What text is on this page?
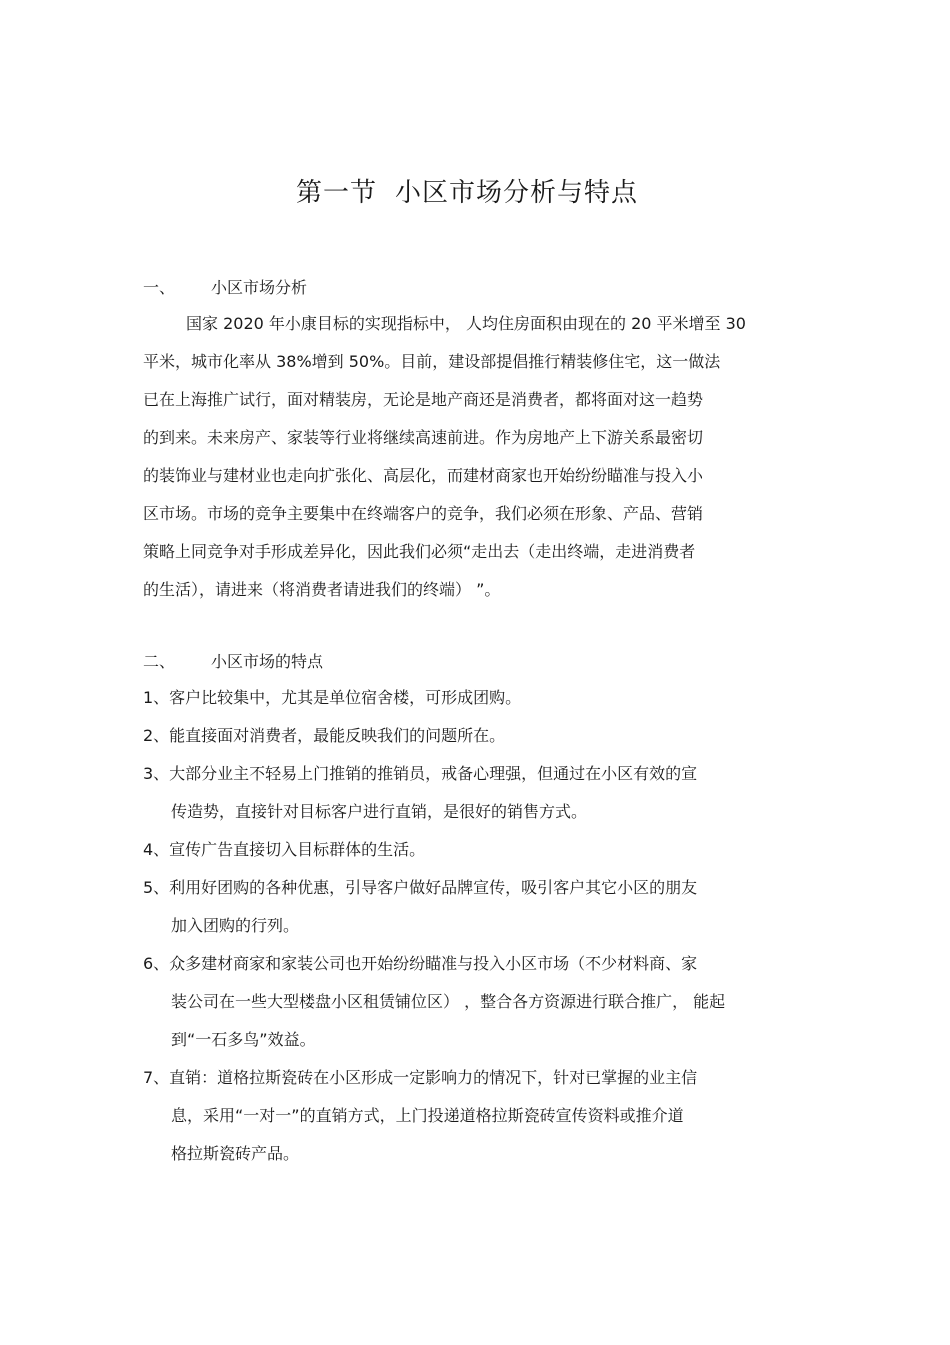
第一节 小区市场分析与特点
一、 小区市场分析
国家 2020 年小康目标的实现指标中， 人均住房面积由现在的 20 平米增至 30
平米，城市化率从 38%增到 50%。目前，建设部提倡推行精装修住宅，这一做法
已在上海推广试行，面对精装房，无论是地产商还是消费者，都将面对这一趋势
的到来。未来房产、家装等行业将继续高速前进。作为房地产上下游关系最密切
的装饰业与建材业也走向扩张化、高层化，而建材商家也开始纷纷瞄准与投入小
区市场。市场的竞争主要集中在终端客户的竞争，我们必须在形象、产品、营销
策略上同竞争对手形成差异化，因此我们必须“走出去（走出终端，走进消费者
的生活），请进来（将消费者请进我们的终端） ”。
二、 小区市场的特点
1、客户比较集中，尤其是单位宿舍楼，可形成团购。
2、能直接面对消费者，最能反映我们的问题所在。
3、大部分业主不轻易上门推销的推销员，戒备心理强，但通过在小区有效的宣
传造势，直接针对目标客户进行直销，是很好的销售方式。
4、宣传广告直接切入目标群体的生活。
5、利用好团购的各种优惠，引导客户做好品牌宣传，吸引客户其它小区的朋友
加入团购的行列。
6、众多建材商家和家装公司也开始纷纷瞄准与投入小区市场（不少材料商、家
装公司在一些大型楼盘小区租赁铺位区） ，整合各方资源进行联合推广， 能起
到“一石多鸟”效益。
7、直销：道格拉斯瓷砖在小区形成一定影响力的情况下，针对已掌握的业主信
息，采用“一对一”的直销方式，上门投递道格拉斯瓷砖宣传资料或推介道
格拉斯瓷砖产品。
